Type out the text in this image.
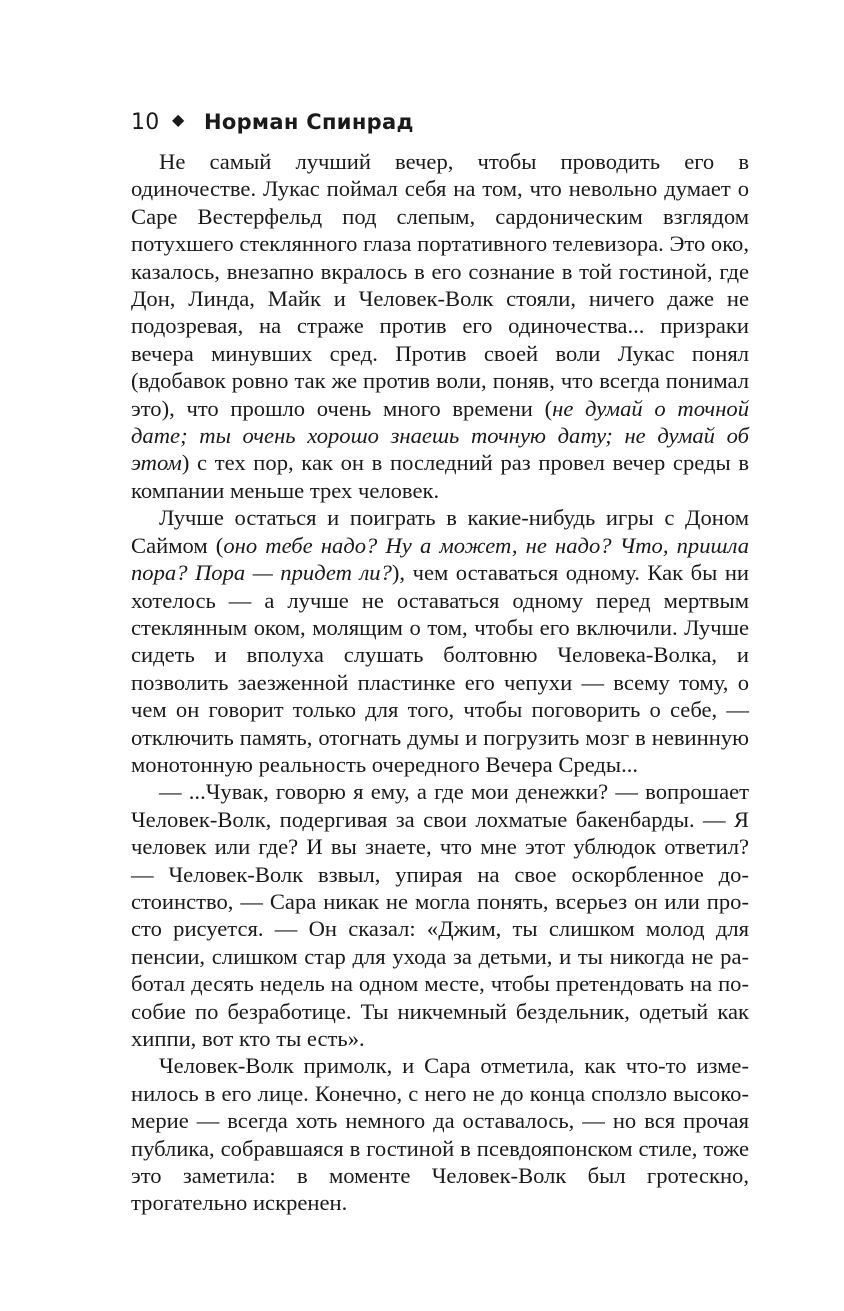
10 ◆ Норман Спинрад

Не самый лучший вечер, чтобы проводить его в одиночестве. Лукас поймал себя на том, что невольно думает о Саре Вестерфельд под слепым, сардоническим взглядом потухшего стеклянного глаза портативного телевизора. Это око, казалось, внезапно вкралось в его сознание в той гостиной, где Дон, Линда, Майк и Человек-Волк стояли, ничего даже не подозревая, на страже против его одиночества... призраки вечера минувших сред. Против своей воли Лукас понял (вдобавок ровно так же против воли, поняв, что всегда понимал это), что прошло очень много времени (не думай о точной дате; ты очень хорошо знаешь точную дату; не думай об этом) с тех пор, как он в последний раз провел вечер среды в компании меньше трех человек.

Лучше остаться и поиграть в какие-нибудь игры с Доном Саймом (оно тебе надо? Ну а может, не надо? Что, пришла пора? Пора — придет ли?), чем оставаться одному. Как бы ни хотелось — а лучше не оставаться одному перед мертвым стеклянным оком, молящим о том, чтобы его включили. Лучше сидеть и вполуха слушать болтовню Человека-Волка, и позволить заезженной пластинке его чепухи — всему тому, о чем он говорит только для того, чтобы поговорить о себе, — отключить память, отогнать думы и погрузить мозг в невинную монотонную реальность очередного Вечера Среды...

— ...Чувак, говорю я ему, а где мои денежки? — вопрошает Человек-Волк, подергивая за свои лохматые бакенбарды. — Я человек или где? И вы знаете, что мне этот ублюдок ответил? — Человек-Волк взвыл, упирая на свое оскорбленное достоинство, — Сара никак не могла понять, всерьез он или просто рисуется. — Он сказал: «Джим, ты слишком молод для пенсии, слишком стар для ухода за детьми, и ты никогда не работал десять недель на одном месте, чтобы претендовать на пособие по безработице. Ты никчемный бездельник, одетый как хиппи, вот кто ты есть».

Человек-Волк примолк, и Сара отметила, как что-то изменилось в его лице. Конечно, с него не до конца сползло высокомерие — всегда хоть немного да оставалось, — но вся прочая публика, собравшаяся в гостиной в псевдояпонском стиле, тоже это заметила: в моменте Человек-Волк был гротескно, трогательно искренен.
